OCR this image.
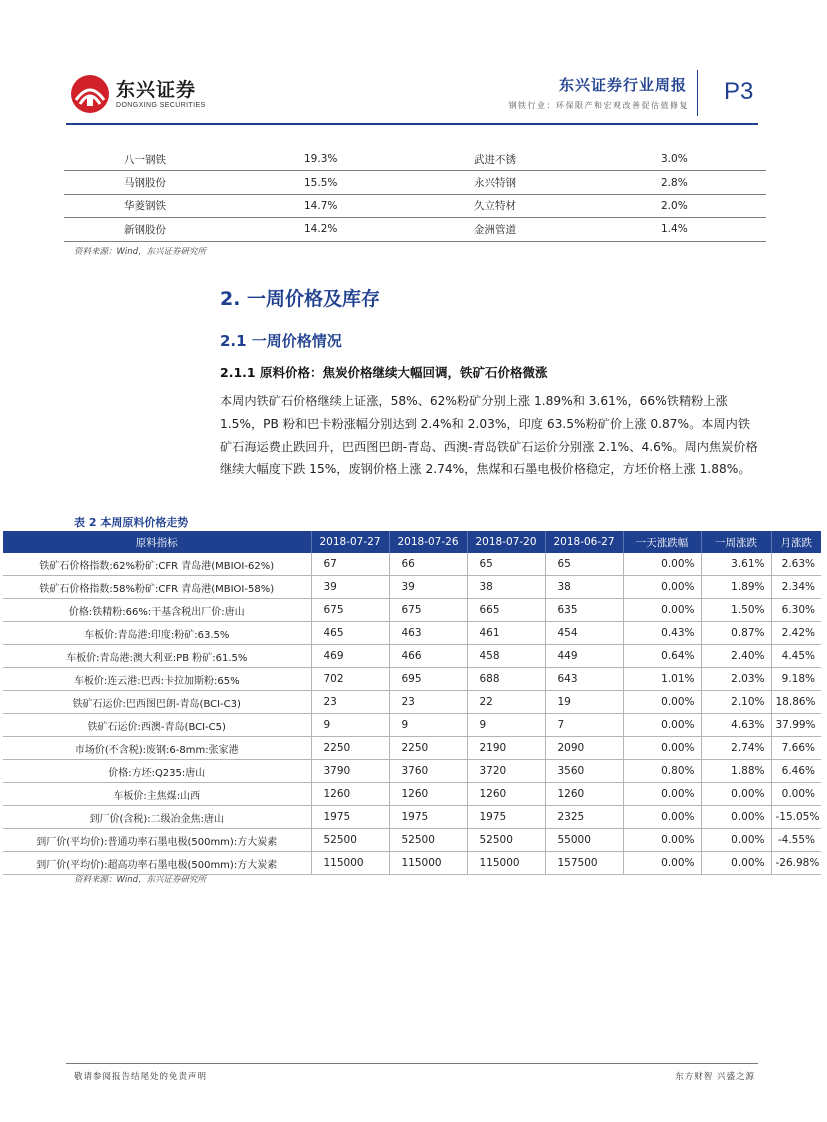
东兴证券
DONGXING SECURITIES
东兴证券行业周报
钢铁行业：环保限产和宏观改善促估值修复
P3
八一钢铁	19.3%	武进不锈	3.0%
马钢股份	15.5%	永兴特钢	2.8%
华菱钢铁	14.7%	久立特材	2.0%
新钢股份	14.2%	金洲管道	1.4%
资料来源：Wind，东兴证券研究所
2. 一周价格及库存
2.1 一周价格情况
2.1.1 原料价格：焦炭价格继续大幅回调，铁矿石价格微涨

本周内铁矿石价格继续上证涨，58%、62%粉矿分别上涨 1.89%和 3.61%，66%铁精粉上涨 1.5%，PB 粉和巴卡粉涨幅分别达到 2.4%和 2.03%，印度 63.5%粉矿价上涨 0.87%。本周内铁矿石海运费止跌回升，巴西图巴朗-青岛、西澳-青岛铁矿石运价分别涨 2.1%、4.6%。周内焦炭价格继续大幅度下跌 15%，废钢价格上涨 2.74%，焦煤和石墨电极价格稳定，方坯价格上涨 1.88%。

表 2 本周原料价格走势
原料指标	2018-07-27	2018-07-26	2018-07-20	2018-06-27	一天涨跌幅	一周涨跌	月涨跌
铁矿石价格指数:62%粉矿:CFR 青岛港(MBIOI-62%)	67	66	65	65	0.00%	3.61%	2.63%
铁矿石价格指数:58%粉矿:CFR 青岛港(MBIOI-58%)	39	39	38	38	0.00%	1.89%	2.34%
价格:铁精粉:66%:干基含税出厂价:唐山	675	675	665	635	0.00%	1.50%	6.30%
车板价:青岛港:印度:粉矿:63.5%	465	463	461	454	0.43%	0.87%	2.42%
车板价:青岛港:澳大利亚:PB 粉矿:61.5%	469	466	458	449	0.64%	2.40%	4.45%
车板价:连云港:巴西:卡拉加斯粉:65%	702	695	688	643	1.01%	2.03%	9.18%
铁矿石运价:巴西图巴朗-青岛(BCI-C3)	23	23	22	19	0.00%	2.10%	18.86%
铁矿石运价:西澳-青岛(BCI-C5)	9	9	9	7	0.00%	4.63%	37.99%
市场价(不含税):废钢:6-8mm:张家港	2250	2250	2190	2090	0.00%	2.74%	7.66%
价格:方坯:Q235:唐山	3790	3760	3720	3560	0.80%	1.88%	6.46%
车板价:主焦煤:山西	1260	1260	1260	1260	0.00%	0.00%	0.00%
到厂价(含税):二级冶金焦:唐山	1975	1975	1975	2325	0.00%	0.00%	-15.05%
到厂价(平均价):普通功率石墨电极(500mm):方大炭素	52500	52500	52500	55000	0.00%	0.00%	-4.55%
到厂价(平均价):超高功率石墨电极(500mm):方大炭素	115000	115000	115000	157500	0.00%	0.00%	-26.98%
资料来源：Wind，东兴证券研究所
敬请参阅报告结尾处的免责声明	东方财智 兴盛之源
